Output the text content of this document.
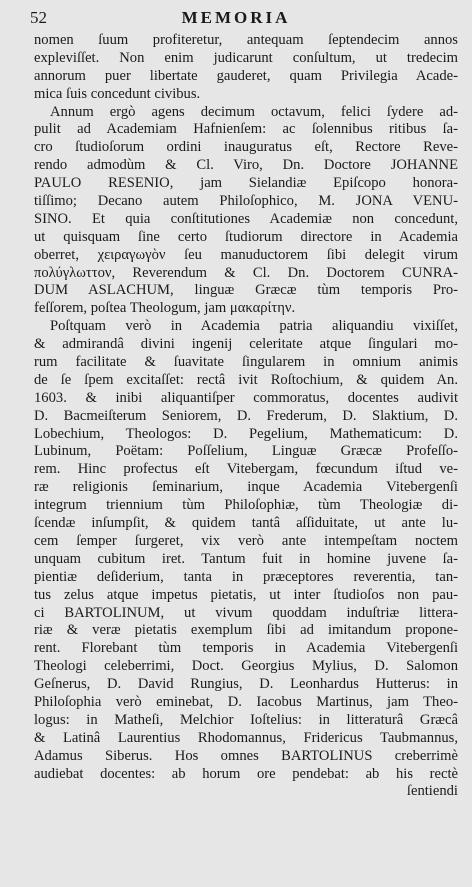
52	MEMORIA
nomen ſuum profiteretur, antequam ſeptendecim annos
expleviſſet. Non enim judicarunt conſultum, ut tredecim
annorum puer libertate gauderet, quam Privilegia Acade-
mica ſuis concedunt civibus.
Annum ergò agens decimum octavum, felici ſydere ad-
pulit ad Academiam Hafnienſem: ac ſolennibus ritibus ſa-
cro ſtudioſorum ordini inauguratus eſt, Rectore Reve-
rendo admodùm & Cl. Viro, Dn. Doctore JOHANNE
PAULO RESENIO, jam Sielandiæ Epiſcopo honora-
tiſſimo; Decano autem Philoſophico, M. JONA VENU-
SINO. Et quia conſtitutiones Academiæ non concedunt,
ut quisquam ſine certo ſtudiorum directore in Academia
oberret, χειραγωγὸν ſeu manuductorem ſibi delegit virum
πολύγλωττον, Reverendum & Cl. Dn. Doctorem CUNRA-
DUM ASLACHUM, linguæ Græcæ tùm temporis Pro-
feſſorem, poſtea Theologum, jam μακαρίτην.
Poſtquam verò in Academia patria aliquandiu vixiſſet,
& admirandâ divini ingenij celeritate atque ſingulari mo-
rum facilitate & ſuavitate ſingularem in omnium animis
de ſe ſpem excitaſſet: rectâ ivit Roſtochium, & quidem An.
1603. & inibi aliquantiſper commoratus, docentes audivit
D. Bacmeiſterum Seniorem, D. Frederum, D. Slaktium, D.
Lobechium, Theologos: D. Pegelium, Mathematicum: D.
Lubinum, Poëtam: Poſſelium, Linguæ Græcæ Profeſſo-
rem. Hinc profectus eſt Vitebergam, fœcundum iſtud ve-
ræ religionis ſeminarium, inque Academia Vitebergenſi
integrum triennium tùm Philoſophiæ, tùm Theologiæ di-
ſcendæ inſumpſit, & quidem tantâ aſſiduitate, ut ante lu-
cem ſemper ſurgeret, vix verò ante intempeſtam noctem
unquam cubitum iret. Tantum fuit in homine juvene ſa-
pientiæ deſiderium, tanta in præceptores reverentia, tan-
tus zelus atque impetus pietatis, ut inter ſtudioſos non pau-
ci BARTOLINUM, ut vivum quoddam induſtriæ littera-
riæ & veræ pietatis exemplum ſibi ad imitandum propone-
rent. Florebant tùm temporis in Academia Vitebergenſi
Theologi celeberrimi, Doct. Georgius Mylius, D. Salomon
Geſnerus, D. David Rungius, D. Leonhardus Hutterus: in
Philoſophia verò eminebat, D. Iacobus Martinus, jam Theo-
logus: in Matheſi, Melchior Ioſtelius: in litteraturâ Græcâ
& Latinâ Laurentius Rhodomannus, Fridericus Taubmannus,
Adamus Siberus. Hos omnes BARTOLINUS creberrimè
audiebat docentes: ab horum ore pendebat: ab his rectè
ſentiendi
